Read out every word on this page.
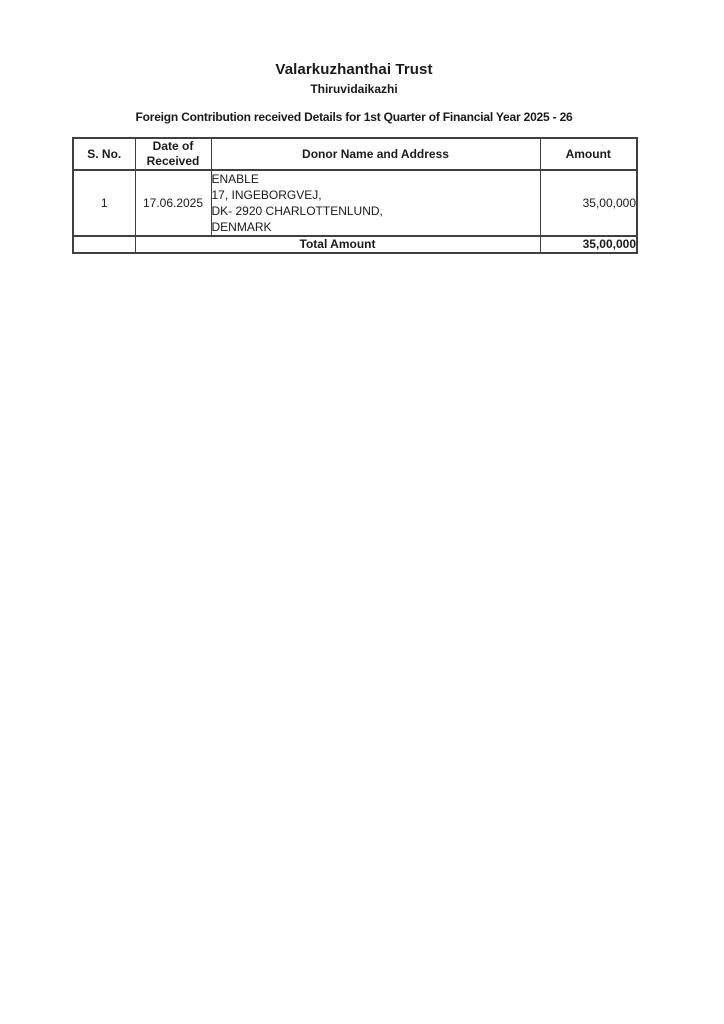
Valarkuzhanthai Trust
Thiruvidaikazhi
Foreign Contribution received Details for 1st Quarter of Financial Year 2025 - 26
S. No.	Date of Received	Donor Name and Address	Amount
1	17.06.2025	ENABLE
17, INGEBORGVEJ,
DK- 2920 CHARLOTTENLUND,
DENMARK	35,00,000
	Total Amount		35,00,000
